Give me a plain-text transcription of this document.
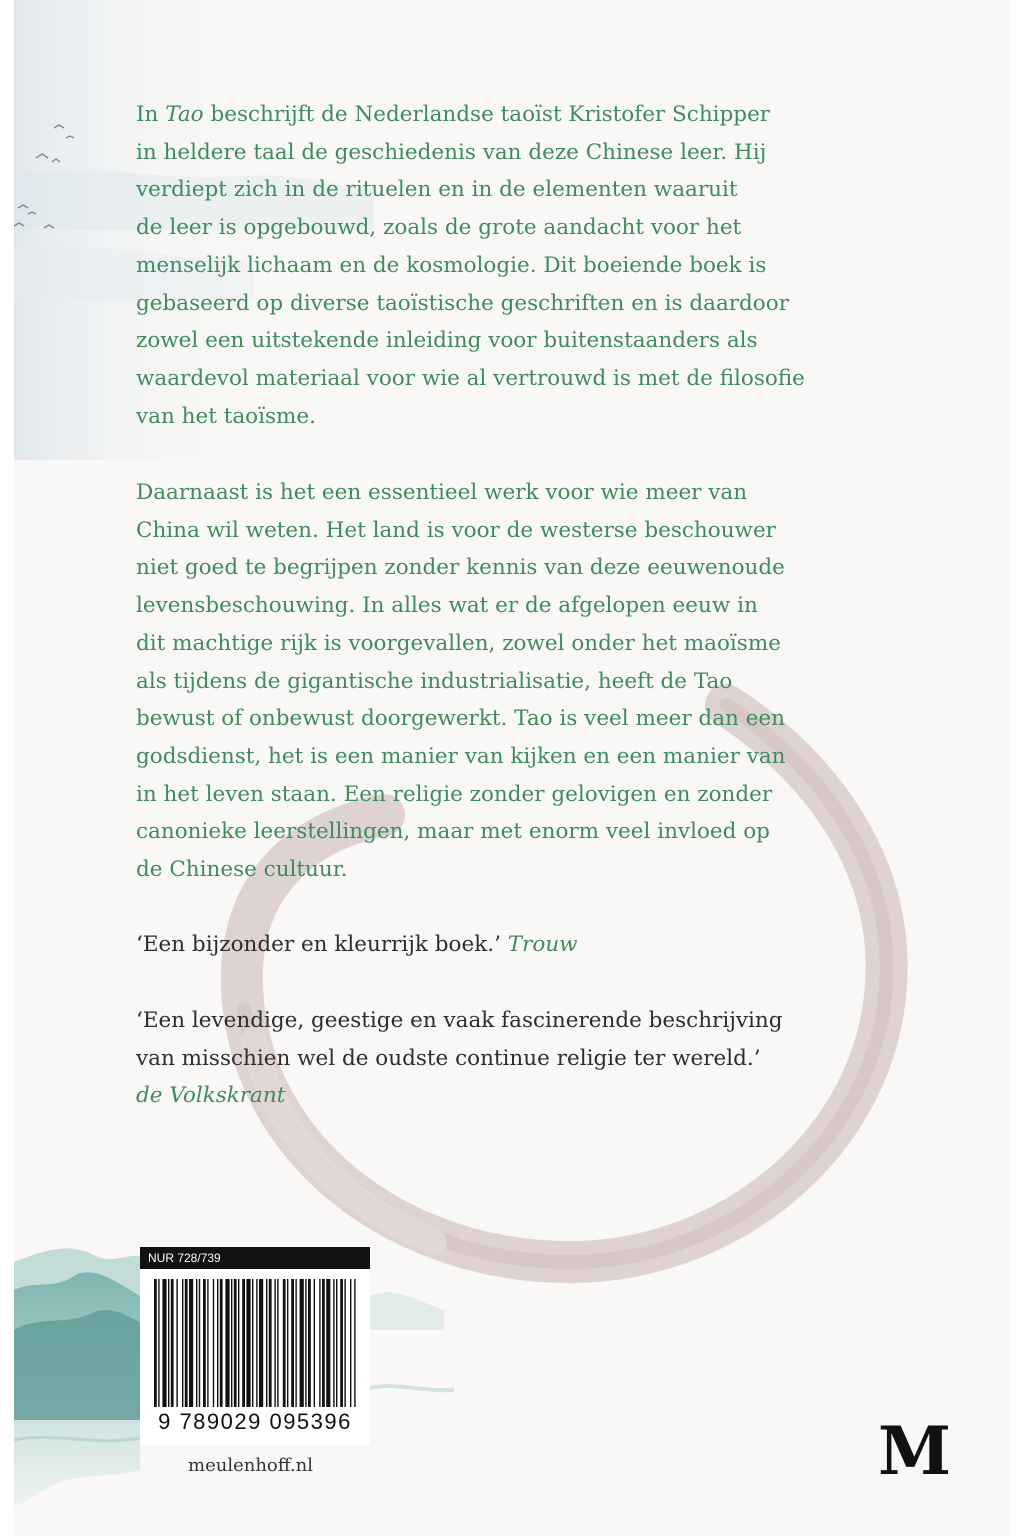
In Tao beschrijft de Nederlandse taoïst Kristofer Schipper
in heldere taal de geschiedenis van deze Chinese leer. Hij
verdiept zich in de rituelen en in de elementen waaruit
de leer is opgebouwd, zoals de grote aandacht voor het
menselijk lichaam en de kosmologie. Dit boeiende boek is
gebaseerd op diverse taoïstische geschriften en is daardoor
zowel een uitstekende inleiding voor buitenstaanders als
waardevol materiaal voor wie al vertrouwd is met de filosofie
van het taoïsme.

Daarnaast is het een essentieel werk voor wie meer van
China wil weten. Het land is voor de westerse beschouwer
niet goed te begrijpen zonder kennis van deze eeuwenoude
levensbeschouwing. In alles wat er de afgelopen eeuw in
dit machtige rijk is voorgevallen, zowel onder het maoïsme
als tijdens de gigantische industrialisatie, heeft de Tao
bewust of onbewust doorgewerkt. Tao is veel meer dan een
godsdienst, het is een manier van kijken en een manier van
in het leven staan. Een religie zonder gelovigen en zonder
canonieke leerstellingen, maar met enorm veel invloed op
de Chinese cultuur.

‘Een bijzonder en kleurrijk boek.’ Trouw
‘Een levendige, geestige en vaak fascinerende beschrijving
van misschien wel de oudste continue religie ter wereld.’
de Volkskrant
NUR 728/739
9 789029 095396
meulenhoff.nl	M
